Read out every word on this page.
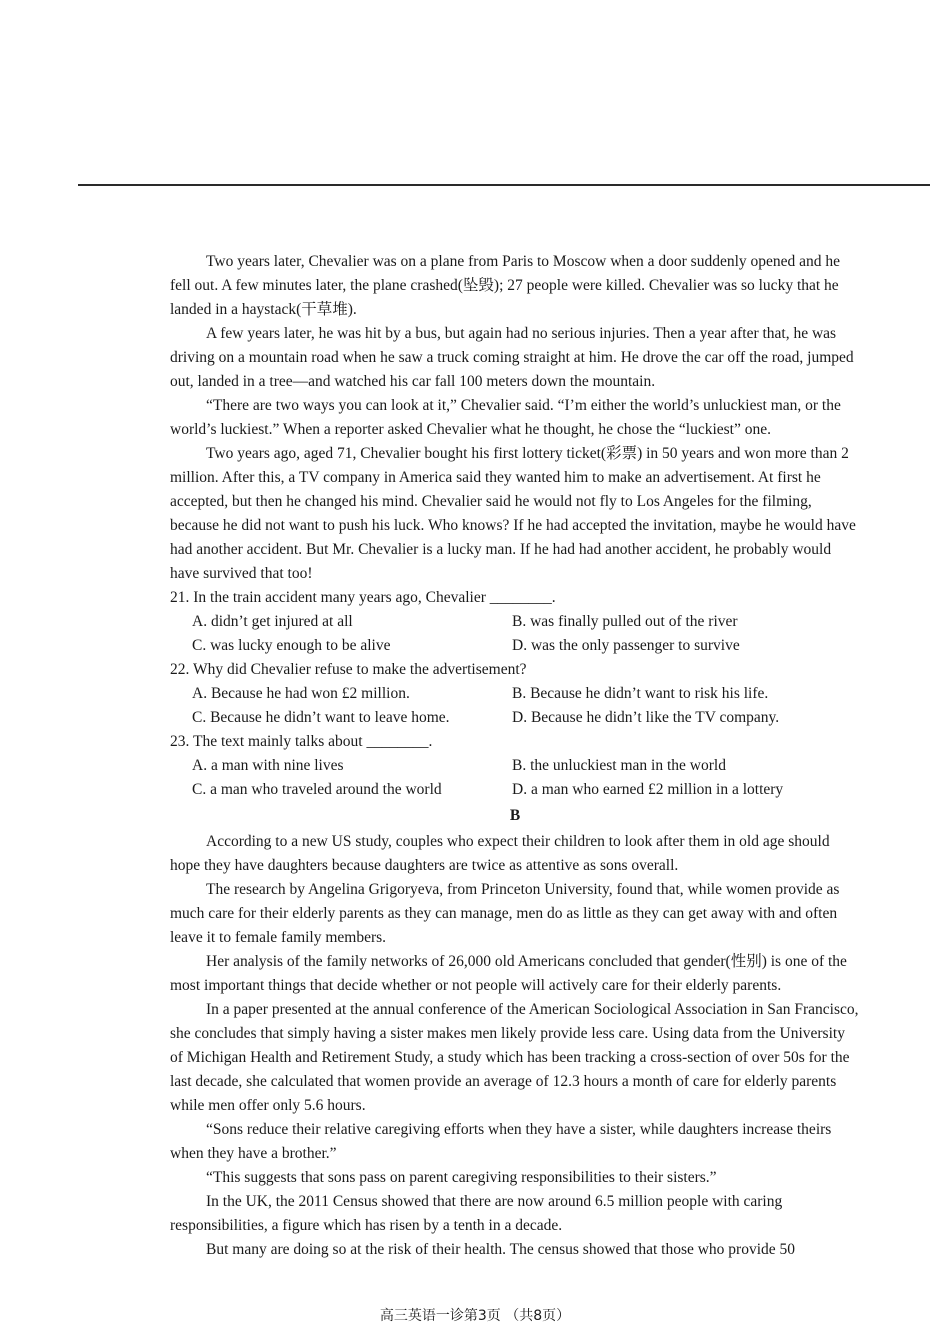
Two years later, Chevalier was on a plane from Paris to Moscow when a door suddenly opened and he fell out. A few minutes later, the plane crashed(坠毁); 27 people were killed. Chevalier was so lucky that he landed in a haystack(干草堆).

A few years later, he was hit by a bus, but again had no serious injuries. Then a year after that, he was driving on a mountain road when he saw a truck coming straight at him. He drove the car off the road, jumped out, landed in a tree—and watched his car fall 100 meters down the mountain.

“There are two ways you can look at it,” Chevalier said. “I’m either the world’s unluckiest man, or the world’s luckiest.” When a reporter asked Chevalier what he thought, he chose the “luckiest” one.

Two years ago, aged 71, Chevalier bought his first lottery ticket(彩票) in 50 years and won more than 2 million. After this, a TV company in America said they wanted him to make an advertisement. At first he accepted, but then he changed his mind. Chevalier said he would not fly to Los Angeles for the filming, because he did not want to push his luck. Who knows? If he had accepted the invitation, maybe he would have had another accident. But Mr. Chevalier is a lucky man. If he had had another accident, he probably would have survived that too!

21. In the train accident many years ago, Chevalier ________.

A. didn’t get injured at all	B. was finally pulled out of the river
C. was lucky enough to be alive	D. was the only passenger to survive

22. Why did Chevalier refuse to make the advertisement?

A. Because he had won £2 million.	B. Because he didn’t want to risk his life.
C. Because he didn’t want to leave home.	D. Because he didn’t like the TV company.

23. The text mainly talks about ________.

A. a man with nine lives	B. the unluckiest man in the world
C. a man who traveled around the world	D. a man who earned £2 million in a lottery

B

According to a new US study, couples who expect their children to look after them in old age should hope they have daughters because daughters are twice as attentive as sons overall.

The research by Angelina Grigoryeva, from Princeton University, found that, while women provide as much care for their elderly parents as they can manage, men do as little as they can get away with and often leave it to female family members.

Her analysis of the family networks of 26,000 old Americans concluded that gender(性别) is one of the most important things that decide whether or not people will actively care for their elderly parents.

In a paper presented at the annual conference of the American Sociological Association in San Francisco, she concludes that simply having a sister makes men likely provide less care. Using data from the University of Michigan Health and Retirement Study, a study which has been tracking a cross-section of over 50s for the last decade, she calculated that women provide an average of 12.3 hours a month of care for elderly parents while men offer only 5.6 hours.

“Sons reduce their relative caregiving efforts when they have a sister, while daughters increase theirs when they have a brother.”

“This suggests that sons pass on parent caregiving responsibilities to their sisters.”

In the UK, the 2011 Census showed that there are now around 6.5 million people with caring responsibilities, a figure which has risen by a tenth in a decade.

But many are doing so at the risk of their health. The census showed that those who provide 50

高三英语一诊第3页 （共8页）
